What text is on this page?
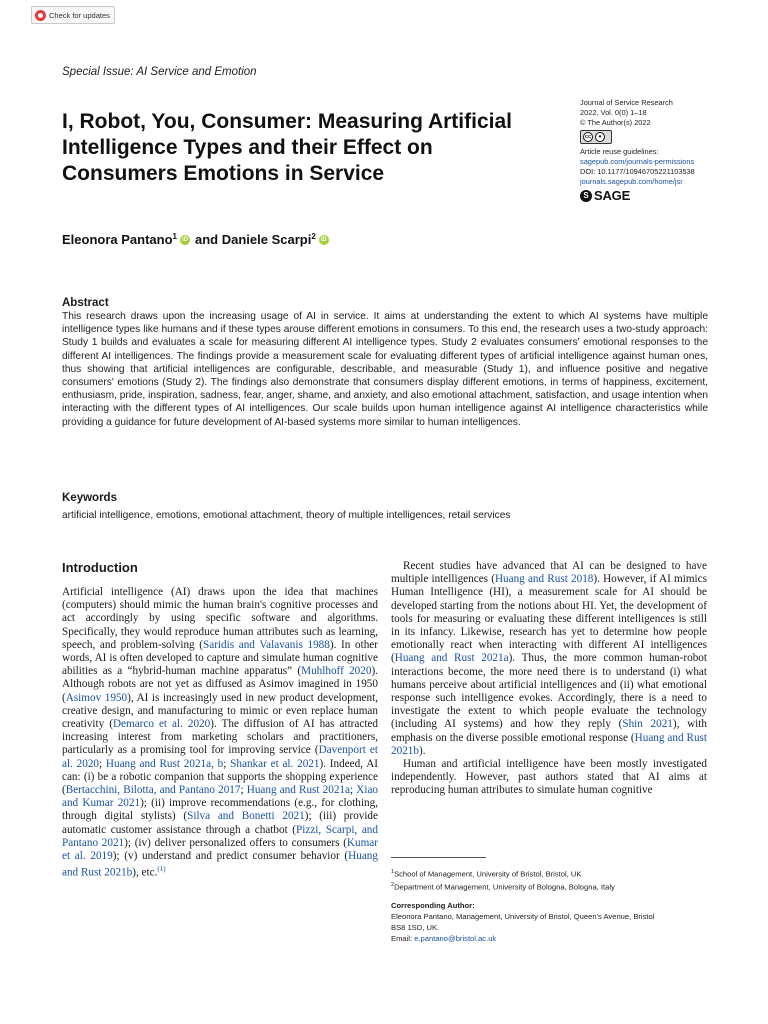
Check for updates
Special Issue: AI Service and Emotion
I, Robot, You, Consumer: Measuring Artificial
Intelligence Types and their Effect on
Consumers Emotions in Service
Journal of Service Research
2022, Vol. 0(0) 1–18
© The Author(s) 2022
cc	●
Article reuse guidelines:
sagepub.com/journals-permissions
DOI: 10.1177/10946705221103538
journals.sagepub.com/home/jsr
S SAGE
Eleonora Pantano$^1$ iD and Daniele Scarpi$^2$ iD
Abstract
This research draws upon the increasing usage of AI in service. It aims at understanding the extent to which AI systems have multiple intelligence types like humans and if these types arouse different emotions in consumers. To this end, the research uses a two-study approach: Study 1 builds and evaluates a scale for measuring different AI intelligence types. Study 2 evaluates consumers' emotional responses to the different AI intelligences. The findings provide a measurement scale for evaluating different types of artificial intelligence against human ones, thus showing that artificial intelligences are configurable, describable, and measurable (Study 1), and influence positive and negative consumers' emotions (Study 2). The findings also demonstrate that consumers display different emotions, in terms of happiness, excitement, enthusiasm, pride, inspiration, sadness, fear, anger, shame, and anxiety, and also emotional attachment, satisfaction, and usage intention when interacting with the different types of AI intelligences. Our scale builds upon human intelligence against AI intelligence characteristics while providing a guidance for future development of AI-based systems more similar to human intelligences.
Keywords
artificial intelligence, emotions, emotional attachment, theory of multiple intelligences, retail services
Introduction

Artificial intelligence (AI) draws upon the idea that machines (computers) should mimic the human brain's cognitive processes and act accordingly by using specific software and algorithms. Specifically, they would reproduce human attributes such as learning, speech, and problem-solving (Saridis and Valavanis 1988). In other words, AI is often developed to capture and simulate human cognitive abilities as a “hybrid-human machine apparatus” (Muhlhoff 2020). Although robots are not yet as diffused as Asimov imagined in 1950 (Asimov 1950), AI is increasingly used in new product development, creative design, and manufacturing to mimic or even replace human creativity (Demarco et al. 2020). The diffusion of AI has attracted increasing interest from marketing scholars and practitioners, particularly as a promising tool for improving service (Davenport et al. 2020; Huang and Rust 2021a, b; Shankar et al. 2021). Indeed, AI can: (i) be a robotic companion that supports the shopping experience (Bertacchini, Bilotta, and Pantano 2017; Huang and Rust 2021a; Xiao and Kumar 2021); (ii) improve recommendations (e.g., for clothing, through digital stylists) (Silva and Bonetti 2021); (iii) provide automatic customer assistance through a chatbot (Pizzi, Scarpi, and Pantano 2021); (iv) deliver personalized offers to consumers (Kumar et al. 2019); (v) understand and predict consumer behavior (Huang and Rust 2021b), etc.$^{(1)}$

Recent studies have advanced that AI can be designed to have multiple intelligences (Huang and Rust 2018). However, if AI mimics Human Intelligence (HI), a measurement scale for AI should be developed starting from the notions about HI. Yet, the development of tools for measuring or evaluating these different intelligences is still in its infancy. Likewise, research has yet to determine how people emotionally react when interacting with different AI intelligences (Huang and Rust 2021a). Thus, the more common human-robot interactions become, the more need there is to understand (i) what humans perceive about artificial intelligences and (ii) what emotional response such intelligence evokes. Accordingly, there is a need to investigate the extent to which people evaluate the technology (including AI systems) and how they reply (Shin 2021), with emphasis on the diverse possible emotional response (Huang and Rust 2021b).

Human and artificial intelligence have been mostly investigated independently. However, past authors stated that AI aims at reproducing human attributes to simulate human cognitive

$^1$School of Management, University of Bristol, Bristol, UK
$^2$Department of Management, University of Bologna, Bologna, Italy
Corresponding Author:
Eleonora Pantano, Management, University of Bristol, Queen's Avenue, Bristol
BS8 1SD, UK.
Email: e.pantano@bristol.ac.uk
